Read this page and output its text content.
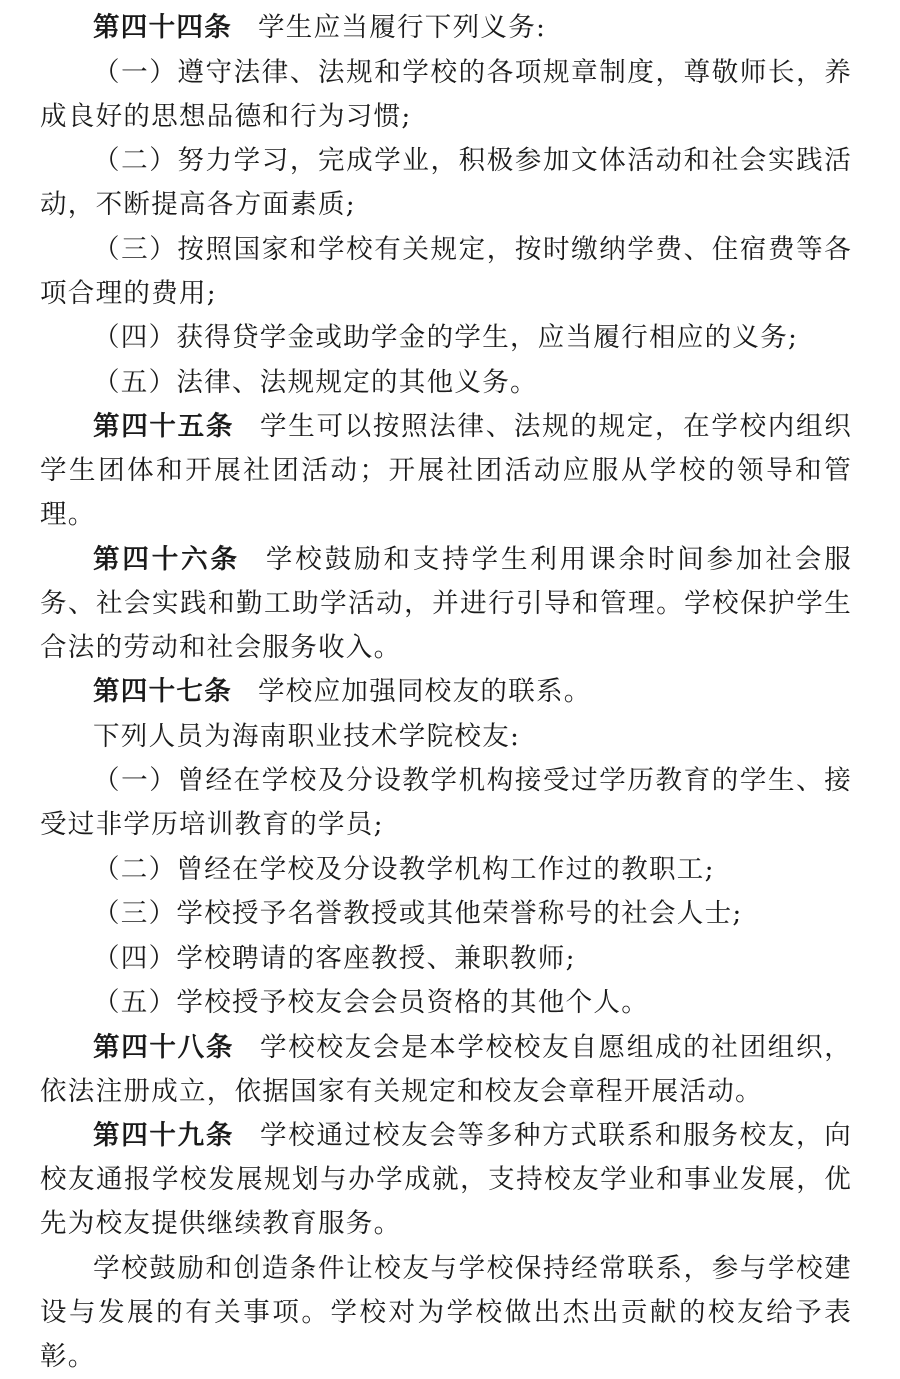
第四十四条 学生应当履行下列义务:

（一）遵守法律、法规和学校的各项规章制度，尊敬师长，养成良好的思想品德和行为习惯;

（二）努力学习，完成学业，积极参加文体活动和社会实践活动，不断提高各方面素质;

（三）按照国家和学校有关规定，按时缴纳学费、住宿费等各项合理的费用;

（四）获得贷学金或助学金的学生，应当履行相应的义务;

（五）法律、法规规定的其他义务。

第四十五条 学生可以按照法律、法规的规定，在学校内组织学生团体和开展社团活动；开展社团活动应服从学校的领导和管理。

第四十六条 学校鼓励和支持学生利用课余时间参加社会服务、社会实践和勤工助学活动，并进行引导和管理。学校保护学生合法的劳动和社会服务收入。

第四十七条 学校应加强同校友的联系。

下列人员为海南职业技术学院校友:

（一）曾经在学校及分设教学机构接受过学历教育的学生、接受过非学历培训教育的学员;

（二）曾经在学校及分设教学机构工作过的教职工;

（三）学校授予名誉教授或其他荣誉称号的社会人士;

（四）学校聘请的客座教授、兼职教师;

（五）学校授予校友会会员资格的其他个人。

第四十八条 学校校友会是本学校校友自愿组成的社团组织，依法注册成立，依据国家有关规定和校友会章程开展活动。

第四十九条 学校通过校友会等多种方式联系和服务校友，向校友通报学校发展规划与办学成就，支持校友学业和事业发展，优先为校友提供继续教育服务。

学校鼓励和创造条件让校友与学校保持经常联系，参与学校建设与发展的有关事项。学校对为学校做出杰出贡献的校友给予表彰。
